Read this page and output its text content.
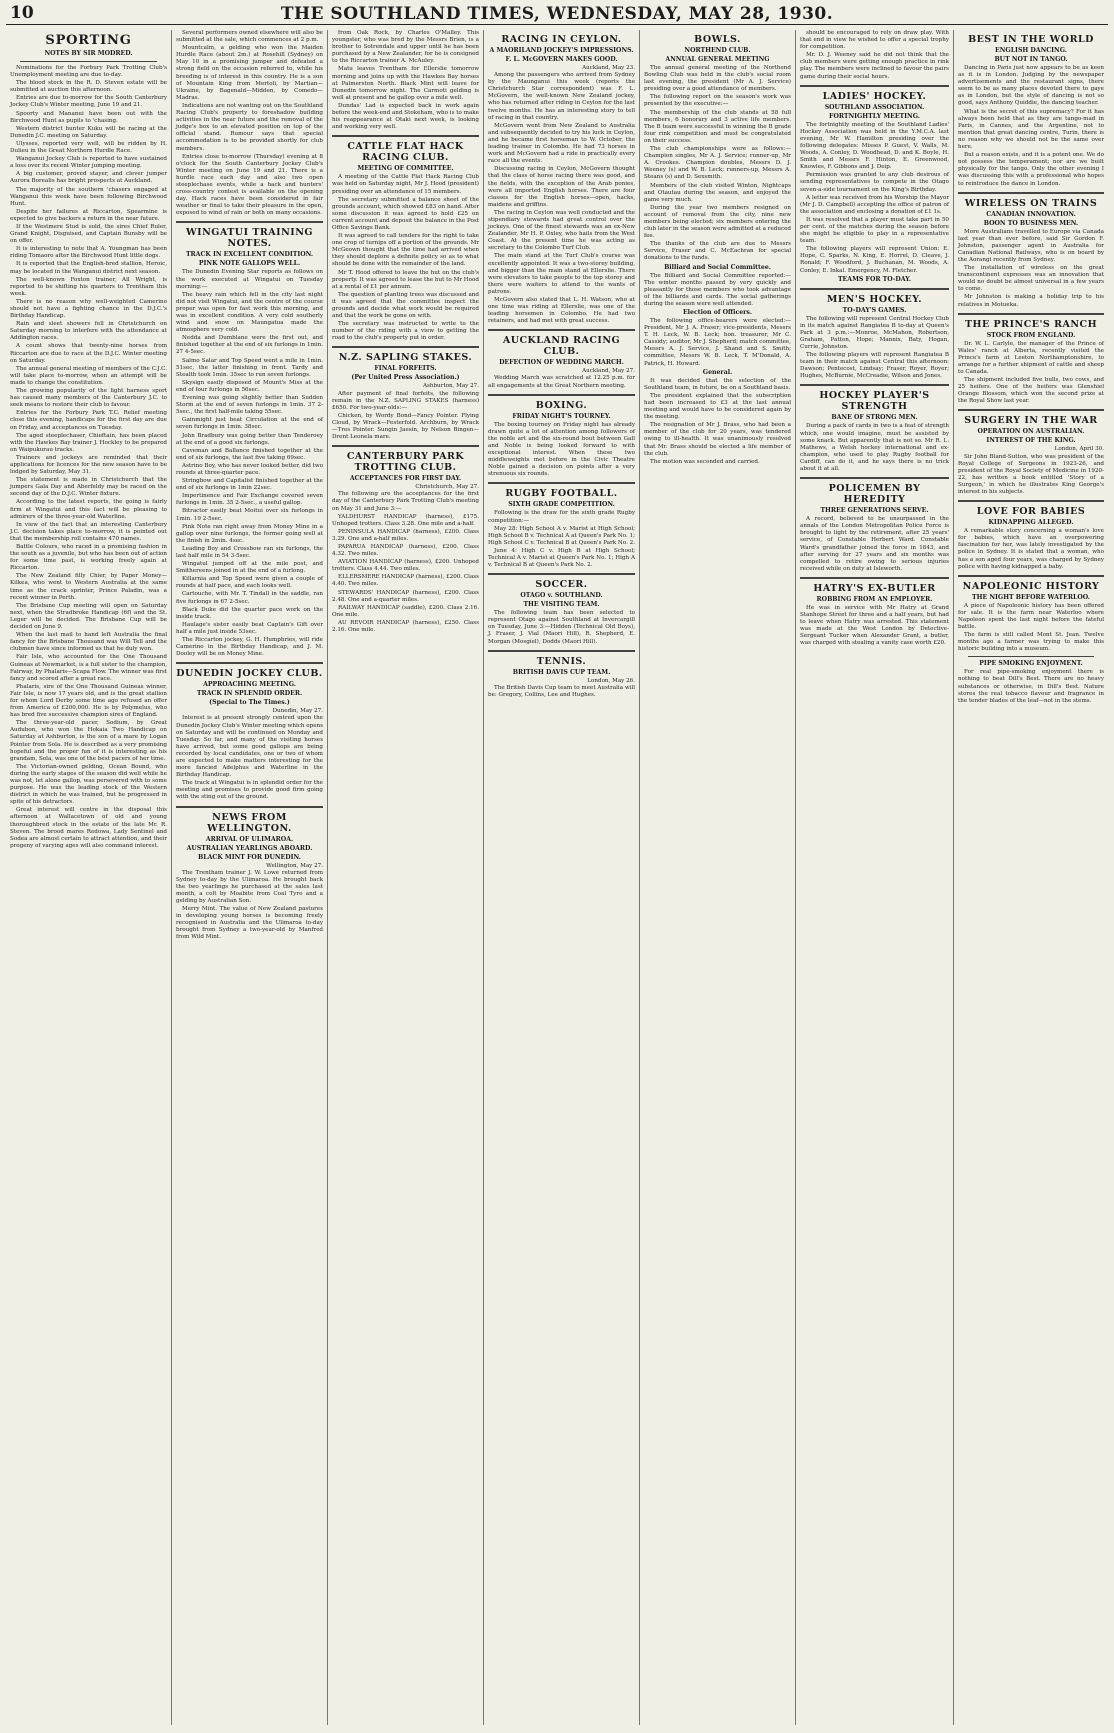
10	THE SOUTHLAND TIMES, WEDNESDAY, MAY 28, 1930.
SPORTING
NOTES BY SIR MODRED.

Nominations for the Forbury Park Trotting Club's Unemployment meeting are due to-day.

The blood stock in the R. D. Steven estate will be submitted at auction this afternoon.

Entries are due to-morrow for the South Canterbury Jockey Club's Winter meeting, June 19 and 21.

Spoorty and Mananui have been out with the Birchwood Hunt as pupils to 'chasing.

Western district hunter Kuku will be racing at the Dunedin J.C. meeting on Saturday.

Ulysses, reported very well, will be ridden by H. Dulieu in the Great Northern Hurdle Race.

Wanganui Jockey Club is reported to have sustained a loss over its recent Winter jumping meeting.

A big customer, proved stayer, and clever jumper Aurora Borealis has bright prospects at Auckland.

The majority of the southern 'chasers engaged at Wanganui this week have been following Birchwood Hunt.

Despite her failures at Riccarton, Spearmine is expected to give backers a return in the near future.

If the Westmere Stud is sold, the sires Chief Ruler, Grand Knight, Disguised, and Captain Bunsby will be on offer.

It is interesting to note that A. Youngman has been riding Tomaoro after the Birchwood Hunt little dogs.

It is reported that the English-bred stallion, Heroic, may be located in the Wanganui district next season.

The well-known Foxton trainer, All Wright, is reported to be shifting his quarters to Trentham this week.

There is no reason why well-weighted Camerino should not have a fighting chance in the D.J.C.'s Birthday Handicap.

Rain and sleet showers fell in Christchurch on Saturday morning to interfere with the attendance at Addington races.

A count shows that twenty-nine horses from Riccarton are due to race at the D.J.C. Winter meeting on Saturday.

The annual general meeting of members of the C.J.C. will take place to-morrow, when an attempt will be made to change the constitution.

The growing popularity of the light harness sport has caused many members of the Canterbury J.C. to seek means to restore their club to favour.

Entries for the Forbury Park T.C. Relief meeting close this evening, handicaps for the first day are due on Friday, and acceptances on Tuesday.

The aged steeplechaser, Chieftain, has been placed with the Hawkes Bay trainer J. Hockley to be prepared on Waipukurau tracks.

Trainers and jockeys are reminded that their applications for licences for the new season have to be lodged by Saturday, May 31.

The statement is made in Christchurch that the jumpers Gala Day and Aberfeldy may be raced on the second day of the D.J.C. Winter fixture.

According to the latest reports, the going is fairly firm at Wingatui and this fact will be pleasing to admirers of the three-year-old Waterline.

In view of the fact that an interesting Canterbury J.C. decision takes place to-morrow, it is pointed out that the membership roll contains 470 names.

Battle Colours, who raced in a promising fashion in the south as a juvenile, but who has been out of action for some time past, is working freely again at Riccarton.

The New Zealand filly Chier, by Paper Money—Kilkea, who went to Western Australia at the same time as the crack sprinter, Prince Paladin, was a recent winner in Perth.

The Brisbane Cup meeting will open on Saturday next, when the Stradbroke Handicap (6f) and the St. Leger will be decided. The Brisbane Cup will be decided on June 9.

When the last mail to hand left Australia the final fancy for the Brisbane Thousand was Will Tell and the clubmen have since informed us that he duly won.

Fair Isle, who accounted for the One Thousand Guineas at Newmarket, is a full sister to the champion, Fairway, by Phalaris—Scapa Flow. The winner was first fancy and scored after a great race.

Phalaris, sire of the One Thousand Guineas winner, Fair Isle, is now 17 years old, and is the great stallion for whom Lord Derby some time ago refused an offer from America of £200,000. He is by Polymelus, who has bred five successive champion sires of England.

The three-year-old pacer, Sodium, by Great Audubon, who won the Hokaia Two Handicap on Saturday at Ashburton, is the son of a mare by Logan Pointer from Sola. He is described as a very promising hopeful and the proper fun of it is interesting as his grandam, Sola, was one of the best pacers of her time.

The Victorian-owned gelding, Ocean Bound, who during the early stages of the season did well while he was not, let alone gallop, was persevered with to some purpose. He was the leading stock of the Western district in which he was trained, but he progressed in spite of his detractors.

Great interest will centre in the disposal this afternoon at Wallacetown of old and young thoroughbred stock in the estate of the late Mr. R. Steven. The brood mares Redowa, Lady Sentinel and Sodea are almost certain to attract attention, and their progeny of varying ages will also command interest.

Several performers owned elsewhere will also be submitted at the sale, which commences at 2 p.m.

Mountcalm, a gelding who won the Maiden Hurdle Race (about 2m.) at Rosehill (Sydney) on May 10 in a promising jumper and defeated a strong field on the occasion referred to, while his breeding is of interest in this country. He is a son of Mountain King from Mertoli, by Martian—Ukraine, by Bagenald—Midden, by Comedo—Madras.

Indications are not wanting out on the Southland Racing Club's property to foreshadow building activities in the near future and the removal of the judge's box to an elevated position on top of the official stand. Rumour says that special accommodation is to be provided shortly for club members.

Entries close to-morrow (Thursday) evening at 8 o'clock for the South Canterbury Jockey Club's Winter meeting on June 19 and 21. There is a hurdle race each day and also two open steeplechase events, while a hack and hunters' cross-country contest is available on the opening day. Hack races have been considered in fair weather or final to take their pleasure in the open, exposed to wind of rain or both on many occasions.

WINGATUI TRAINING NOTES.
TRACK IN EXCELLENT CONDITION.
PINK NOTE GALLOPS WELL.

The Dunedin Evening Star reports as follows on the work executed at Wingatui on Tuesday morning:—

The heavy rain which fell in the city last night did not visit Wingatui, and the centre of the course proper was open for fast work this morning, and was in excellent condition. A very cold southerly wind and snow on Maungatua made the atmosphere very cold.

Nedda and Dumblane were the first out, and finished together at the end of six furlongs in 1min. 27 4-5sec.

Salmo Salar and Top Speed went a mile in 1min. 51sec, the latter finishing in front. Tardy and Stealth took 1min. 35sec to run seven furlongs.

Skysign easily disposed of Mount's Miss at the end of four furlongs in 56sec.

Evening was going slightly better than Sudden Storm at the end of seven furlongs in 1min. 37 2-5sec., the first half-mile taking 55sec.

Gainmight just beat Circulation at the end of seven furlongs in 1min. 38sec.

John Bradbury was going better than Tenderoey at the end of a good six furlongs.

Caveman and Ballance finished together at the end of six furlongs, the last five taking 69sec.

Astrino Boy, who has never looked better, did two rounds at three-quarter pace.

Stringbow and Capitalist finished together at the end of six furlongs in 1min 22sec.

Impertinence and Fair Exchange covered seven furlongs in 1min. 35 2-5sec., a useful gallop.

Bitractor easily beat Moitui over six furlongs in 1min. 19 2-5sec.

Pink Note ran right away from Money Mine in a gallop over nine furlongs, the former going well at the finish in 2min. 4sec.

Leading Boy and Crossbow ran six furlongs, the last half mile in 54 3-5sec.

Wingatul jumped off at the mile post, and Smithereens joined in at the end of a furlong.

Killarnia and Top Speed were given a couple of rounds at half pace, and each looks well.

Cartouche, with Mr. T. Tindall in the saddle, ran five furlongs in 67 2-5sec.

Black Duke did the quarter pace work on the inside track.

Haulage's sister easily beat Captain's Gift over half a mile just inside 53sec.

The Riccarton jockey, G. H. Humphries, will ride Camerino in the Birthday Handicap, and J. M. Dooley will be on Money Mine.

DUNEDIN JOCKEY CLUB.
APPROACHING MEETING.
TRACK IN SPLENDID ORDER.
(Special to The Times.)
Dunedin, May 27.

Interest is at present strongly centred upon the Dunedin Jockey Club's Winter meeting which opens on Saturday and will be continued on Monday and Tuesday. So far, and many of the visiting horses have arrived, but some good gallops are being recorded by local candidates, one or two of whom are expected to make matters interesting for the more fancied Adelphus and Waterline in the Birthday Handicap.

The track at Wingatui is in splendid order for the meeting and promises to provide good firm going with the sting out of the ground.

NEWS FROM WELLINGTON.
ARRIVAL OF ULIMAROA.
AUSTRALIAN YEARLINGS ABOARD.
BLACK MINT FOR DUNEDIN.
Wellington, May 27.

The Trentham trainer J. W. Lowe returned from Sydney to-day by the Ulimaroa. He brought back the two yearlings he purchased at the sales last month, a colt by Moabite from Coal Tyro and a gelding by Australian Son.

Merry Mint. The value of New Zealand pastures in developing young horses is becoming freely recognised in Australia and the Ulimaroa to-day brought from Sydney a two-year-old by Manfred from Wild Mint.

from Oak Rock, by Charles O'Malley. This youngster, who was bred by the Messrs Brien, is a brother to Sotrendale and upper until he has been purchased by a New Zealander, for he is consigned to the Riccarton trainer A. McAuley.

Matu leaves Trentham for Ellerslie tomorrow morning and joins up with the Hawkes Bay horses at Palmerston North. Black Mint will leave for Dunedin tomorrow night. The Carmoti gelding is well at present and he gallop over a mile well.

Dundas' Lad is expected back in work again before the week-end and Stokeham, who is to make his reappearance at Otaki next week, is looking and working very well.

CATTLE FLAT HACK RACING CLUB.
MEETING OF COMMITTEE.

A meeting of the Cattle Flat Hack Racing Club was held on Saturday night, Mr J. Hood (president) presiding over an attendance of 15 members.

The secretary submitted a balance sheet of the grounds account, which showed £83 on hand. After some discussion it was agreed to hold £25 on current account and deposit the balance in the Post Office Savings Bank.

It was agreed to call tenders for the right to take one crop of turnips off a portion of the grounds. Mr McGeown thought that the time had arrived when they should deplore a definite policy so as to what should be done with the remainder of the land.

Mr T. Hood offered to leave the hut on the club's property. It was agreed to lease the hut to Mr Hood at a rental of £1 per annum.

The question of planting trees was discussed and it was agreed that the committee inspect the grounds and decide what work would be required and that the work be gone on with.

The secretary was instructed to write to the number of the riding with a view to getting the road to the club's property put in order.

N.Z. SAPLING STAKES.
FINAL FORFEITS.
(Per United Press Association.)
Ashburton, May 27.

After payment of final forfeits, the following remain in the N.Z. SAPLING STAKES (harness) £650. For two-year-olds:—

Chicken, by Wordy Bond—Fancy Pointer. Flying Cloud, by Wrack—Festerfold. Archburn, by Wrack—Tres Pointer. Sungin Jaesin, by Nelson Bingen—Drent Leonela mare.

CANTERBURY PARK TROTTING CLUB.
ACCEPTANCES FOR FIRST DAY.
Christchurch, May 27.

The following are the acceptances for the first day of the Canterbury Park Trotting Club's meeting on May 31 and June 3:—

YALDHURST HANDICAP (harness), £175. Unhoped trotters. Class 3.28. One mile and a-half.

PENINSULA HANDICAP (harness), £200. Class 3.29. One and a-half miles.

PAPARUA HANDICAP (harness), £200. Class 4.32. Two miles.

AVIATION HANDICAP (harness), £200. Unhoped trotters. Class 4.44. Two miles.

ELLERSMERE HANDICAP (harness), £200. Class 4.40. Two miles.

STEWARDS' HANDICAP (harness), £200. Class 2.48. One and a-quarter miles.

RAILWAY HANDICAP (saddle), £200. Class 2.16. One mile.

AU REVOIR HANDICAP (harness), £250. Class 2.16. One mile.

RACING IN CEYLON.
A MAORILAND JOCKEY'S IMPRESSIONS.
F. L. McGOVERN MAKES GOOD.
Auckland, May 23.

Among the passengers who arrived from Sydney by the Maunganui this week (reports the Christchurch Star correspondent) was F. L. McGovern, the well-known New Zealand jockey, who has returned after riding in Ceylon for the last twelve months. He has an interesting story to tell of racing in that country.

McGovern went from New Zealand to Australia and subsequently decided to try his luck in Ceylon, and he became first horseman to W. October, the leading trainer in Colombo. He had 73 horses in work and McGovern had a ride in practically every race all the events.

Discussing racing in Ceylon, McGovern thought that the class of horse racing there was good, and the fields, with the exception of the Arab ponies, were all imported English horses. There are four classes for the English horses—open, hacks, maidens and griffins.

The racing in Ceylon was well conducted and the stipendiary stewards had great control over the jockeys. One of the finest stewards was an ex-New Zealander, Mr H. P. Oxley, who hails from the West Coast. At the present time he was acting as secretary to the Colombo Turf Club.

The main stand at the Turf Club's course was excellently appointed. It was a two-storey building, and bigger than the main stand at Ellerslie. There were elevators to take people to the top storey and there were waiters to attend to the wants of patrons.

McGovern also stated that L. H. Watson, who at one time was riding at Ellerslie, was one of the leading horsemen in Colombo. He had two retainers, and had met with great success.

AUCKLAND RACING CLUB.
DEFECTION OF WEDDING MARCH.
Auckland, May 27.

Wedding March was scratched at 12.25 p.m. for all engagements at the Great Northern meeting.

BOXING.
FRIDAY NIGHT'S TOURNEY.

The boxing tourney on Friday night has already drawn quite a lot of attention among followers of the noble art and the six-round bout between Gall and Noble is being looked forward to with exceptional interest. When these two middleweights met before in the Civic Theatre Noble gained a decision on points after a very strenuous six rounds.

RUGBY FOOTBALL.
SIXTH GRADE COMPETITION.

Following is the draw for the sixth grade Rugby competition:—

May 28: High School A v. Marist at High School; High School B v. Technical A at Queen's Park No. 1; High School C v. Technical B at Queen's Park No. 2.

June 4: High C v. High B at High School; Technical A v. Marist at Queen's Park No. 1; High A v. Technical B at Queen's Park No. 2.

SOCCER.
OTAGO v. SOUTHLAND.
THE VISITING TEAM.

The following team has been selected to represent Otago against Southland at Invercargill on Tuesday, June 3:—Hidden (Technical Old Boys), J. Fraser, J. Vial (Maori Hill), R. Shepherd, E. Morgan (Mosgiel), Dodds (Maori Hill).

TENNIS.
BRITISH DAVIS CUP TEAM.
London, May 26.

The British Davis Cup team to meet Australia will be: Gregory, Collins, Lee and Hughes.

BOWLS.
NORTHEND CLUB.
ANNUAL GENERAL MEETING

The annual general meeting of the Northend Bowling Club was held in the club's social room last evening, the president (Mr A. J. Service) presiding over a good attendance of members.

The following report on the season's work was presented by the executive:—

The membership of the club stands at 58 full members, 6 honorary and 3 active life members. The B team were successful in winning the B grade four rink competition and must be congratulated on their success.

The club championships were as follows:—Champion singles, Mr A. J. Service; runner-up, Mr A. Crookes. Champion doubles, Messrs D. J. Weeney (s) and W. B. Leck; runners-up, Messrs A. Steans (s) and D. Sexsmith.

Members of the club visited Winton, Nightcaps and Otautau during the season, and enjoyed the game very much.

During the year two members resigned on account of removal from the city, nine new members being elected; six members entering the club later in the season were admitted at a reduced fee.

The thanks of the club are due to Messrs Service, Fraser and C. McEachran for special donations to the funds.

Billiard and Social Committee.

The Billiard and Social Committee reported:—The winter months passed by very quickly and pleasantly for those members who took advantage of the billiards and cards. The social gatherings during the season were well attended.

Election of Officers.

The following office-bearers were elected:—President, Mr J. A. Fraser; vice-presidents, Messrs T. H. Leck, W. B. Leck; hon. treasurer, Mr C. Cassidy; auditor, Mr J. Shepherd; match committee, Messrs A. J. Service, J. Shand and S. Smith; committee, Messrs W. B. Leck, T. M'Donald, A. Patrick, H. Howard.

General.

It was decided that the selection of the Southland team, in future, be on a Southland basis.

The president explained that the subscription had been increased to £3 at the last annual meeting and would have to be considered again by the meeting.

The resignation of Mr J. Brass, who had been a member of the club for 20 years, was tendered owing to ill-health. It was unanimously resolved that Mr. Brass should be elected a life member of the club.

The motion was seconded and carried.

should be encouraged to rely on draw play. With that end in view he wished to offer a special trophy for competition.

Mr. D. J. Weeney said he did not think that the club members were getting enough practice in rink play. The members were inclined to favour the pairs game during their social hours.

LADIES' HOCKEY.
SOUTHLAND ASSOCIATION.
FORTNIGHTLY MEETING.

The fortnightly meeting of the Southland Ladies' Hockey Association was held in the Y.M.C.A. last evening, Mr W. Hamilton presiding over the following delegates: Misses P. Guest, V. Walls, M. Woods, A. Conley, D. Woodhead, D. and K. Boyle, H. Smith and Messrs F. Hinton, E. Greenwood, Knowles, F. Gibbons and J. Deip.

Permission was granted to any club desirous of sending representatives to compete in the Otago seven-a-side tournament on the King's Birthday.

A letter was received from his Worship the Mayor (Mr J. D. Campbell) accepting the office of patron of the association and enclosing a donation of £1 1s.

It was resolved that a player must take part in 50 per cent. of the matches during the season before she might be eligible to play in a representative team.

The following players will represent Union: E. Hope, C. Sparks, N. King, E. Horrel, D. Cleave, J. Ronald; F. Woodford, J. Buchanan, M. Woods, A. Conley, E. Inkal. Emergency, M. Fletcher.

TEAMS FOR TO-DAY.
MEN'S HOCKEY.
TO-DAY'S GAMES.

The following will represent Central Hockey Club in its match against Rangiatea B to-day at Queen's Park at 3 p.m.:—Monroe, McMahon, Robertson, Graham, Patton, Hope; Mannix, Baty, Hogan, Currie, Johnston.

The following players will represent Rangiatea B team in their match against Central this afternoon: Dawson; Pentecost, Lindsay; Fraser, Royer, Royer; Hughes, McBurnie, McCreadie, Wilson and Jones.

HOCKEY PLAYER'S STRENGTH
BANE OF STRONG MEN.

During a pack of cards in two is a feat of strength which, one would imagine, must be assisted by some knack. But apparently that is not so. Mr R. L. Mathews, a Welsh hockey international and ex-champion, who used to play Rugby football for Cardiff, can do it, and he says there is no trick about it at all.

POLICEMEN BY HEREDITY
THREE GENERATIONS SERVE.

A record, believed to be unsurpassed in the annals of the London Metropolitan Police Force is brought to light by the retirement, after 25 years' service, of Constable Herbert Ward. Constable Ward's grandfather joined the force in 1843, and after serving for 27 years and six months was compelled to retire owing to serious injuries received while on duty at Isleworth.

HATRY'S EX-BUTLER
ROBBING FROM AN EMPLOYER.

He was in service with Mr Hatry at Grand Stanhope Street for three and a half years, but had to leave when Hatry was arrested. This statement was made at the West London by Detective-Sergeant Tucker when Alexander Grant, a butler, was charged with stealing a vanity case worth £20.

BEST IN THE WORLD
ENGLISH DANCING.
BUT NOT IN TANGO.

Dancing in Paris just now appears to be as keen as it is in London. Judging by the newspaper advertisements and the restaurant signs, there seem to be as many places devoted there to gaye as in London, but the style of dancing is not so good, says Anthony Quiddie, the dancing teacher.

What is the secret of this supremacy? For it has always been held that as they are tango-mad in Paris, in Cannes, and the Argentine, not to mention that great dancing centre, Turin, there is no reason why we should not be the same over here.

But a reason exists, and it is a potent one. We do not possess the temperament; nor are we built physically for the tango. Only the other evening I was discussing this with a professional who hopes to reintroduce the dance in London.

WIRELESS ON TRAINS
CANADIAN INNOVATION.
BOON TO BUSINESS MEN.

More Australians travelled to Europe via Canada last year than ever before, said Sir Gordon F. Johnston, passenger agent in Australia for Canadian National Railways, who is on board by the Aorangi recently from Sydney.

The installation of wireless on the great transcontinent expresses was an innovation that would no doubt be almost universal in a few years to come.

Mr Johnston is making a holiday trip to his relatives in Motueka.

THE PRINCE'S RANCH
STOCK FROM ENGLAND.

Dr. W. L. Carlyle, the manager of the Prince of Wales' ranch at Alberta, recently visited the Prince's farm at Leeton Northamptonshire, to arrange for a further shipment of cattle and sheep to Canada.

The shipment included five bulls, two cows, and 25 heifers. One of the heifers was Glenshiel Orange Blossom, which won the second prize at the Royal Show last year.

SURGERY IN THE WAR
OPERATION ON AUSTRALIAN.
INTEREST OF THE KING.
London, April 30.

Sir John Bland-Sutton, who was president of the Royal College of Surgeons in 1923-26, and president of the Royal Society of Medicine in 1920-22, has written a book entitled 'Story of a Surgeon,' in which he illustrates King George's interest in his subjects.

LOVE FOR BABIES
KIDNAPPING ALLEGED.

A remarkable story concerning a woman's love for babies, which have an overpowering fascination for her, was lately investigated by the police in Sydney. It is stated that a woman, who has a son aged four years, was charged by Sydney police with having kidnapped a baby.

NAPOLEONIC HISTORY
THE NIGHT BEFORE WATERLOO.

A piece of Napoleonic history has been offered for sale. It is the farm near Waterloo where Napoleon spent the last night before the fateful battle.

The farm is still called Mont St. Jean. Twelve months ago a farmer was trying to make this historic building into a museum.

PIPE SMOKING ENJOYMENT.

For real pipe-smoking enjoyment there is nothing to beat Dill's Best. There are no heavy substances or otherwise, in Dill's Best. Nature stores the real tobacco flavour and fragrance in the tender blades of the leaf—not in the stems.
